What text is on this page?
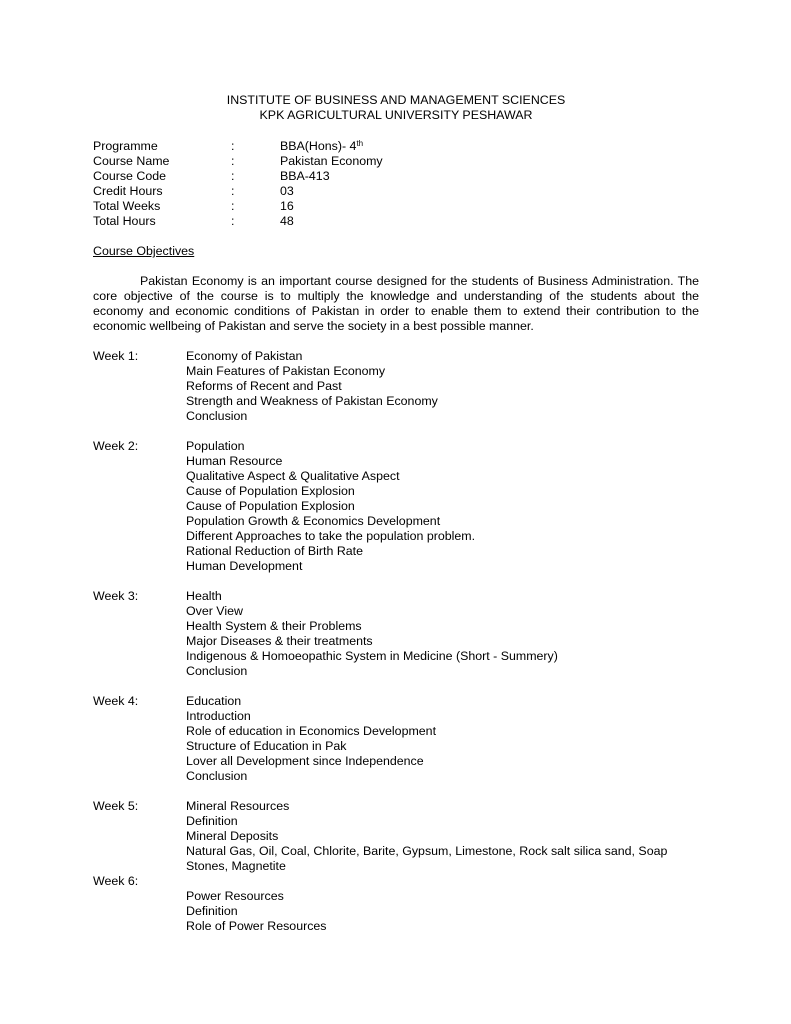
INSTITUTE OF BUSINESS AND MANAGEMENT SCIENCES
KPK AGRICULTURAL UNIVERSITY PESHAWAR
Programme	:	BBA(Hons)- 4th
Course Name	:	Pakistan Economy
Course Code	:	BBA-413
Credit Hours	:	03
Total Weeks	:	16
Total Hours	:	48
Course Objectives
Pakistan Economy is an important course designed for the students of Business Administration. The core objective of the course is to multiply the knowledge and understanding of the students about the economy and economic conditions of Pakistan in order to enable them to extend their contribution to the economic wellbeing of Pakistan and serve the society in a best possible manner.
Week 1:	Economy of Pakistan
Main Features of Pakistan Economy
Reforms of Recent and Past
Strength and Weakness of Pakistan Economy
Conclusion
Week 2:	Population
Human Resource
Qualitative Aspect & Qualitative Aspect
Cause of Population Explosion
Cause of Population Explosion
Population Growth & Economics Development
Different Approaches to take the population problem.
Rational Reduction of Birth Rate
Human Development
Week 3:	Health
Over View
Health System & their Problems
Major Diseases & their treatments
Indigenous & Homoeopathic System in Medicine (Short - Summery)
Conclusion
Week 4:	Education
Introduction
Role of education in Economics Development
Structure of Education in Pak
Lover all Development since Independence
Conclusion
Week 5:	Mineral Resources
Definition
Mineral Deposits
Natural Gas, Oil, Coal, Chlorite, Barite, Gypsum, Limestone, Rock salt silica sand, Soap Stones, Magnetite
Week 6:
Power Resources
Definition
Role of Power Resources
